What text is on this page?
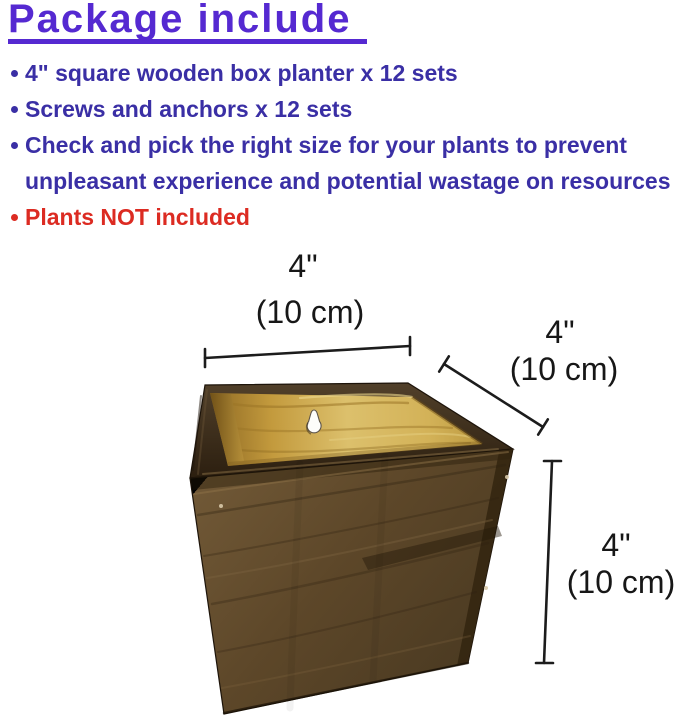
Package include
4" square wooden box planter x 12 sets
Screws and anchors x 12 sets
Check and pick the right size for your plants to prevent
unpleasant experience and potential wastage on resources
Plants NOT included
4"
(10 cm)
4"
(10 cm)
4"
(10 cm)
